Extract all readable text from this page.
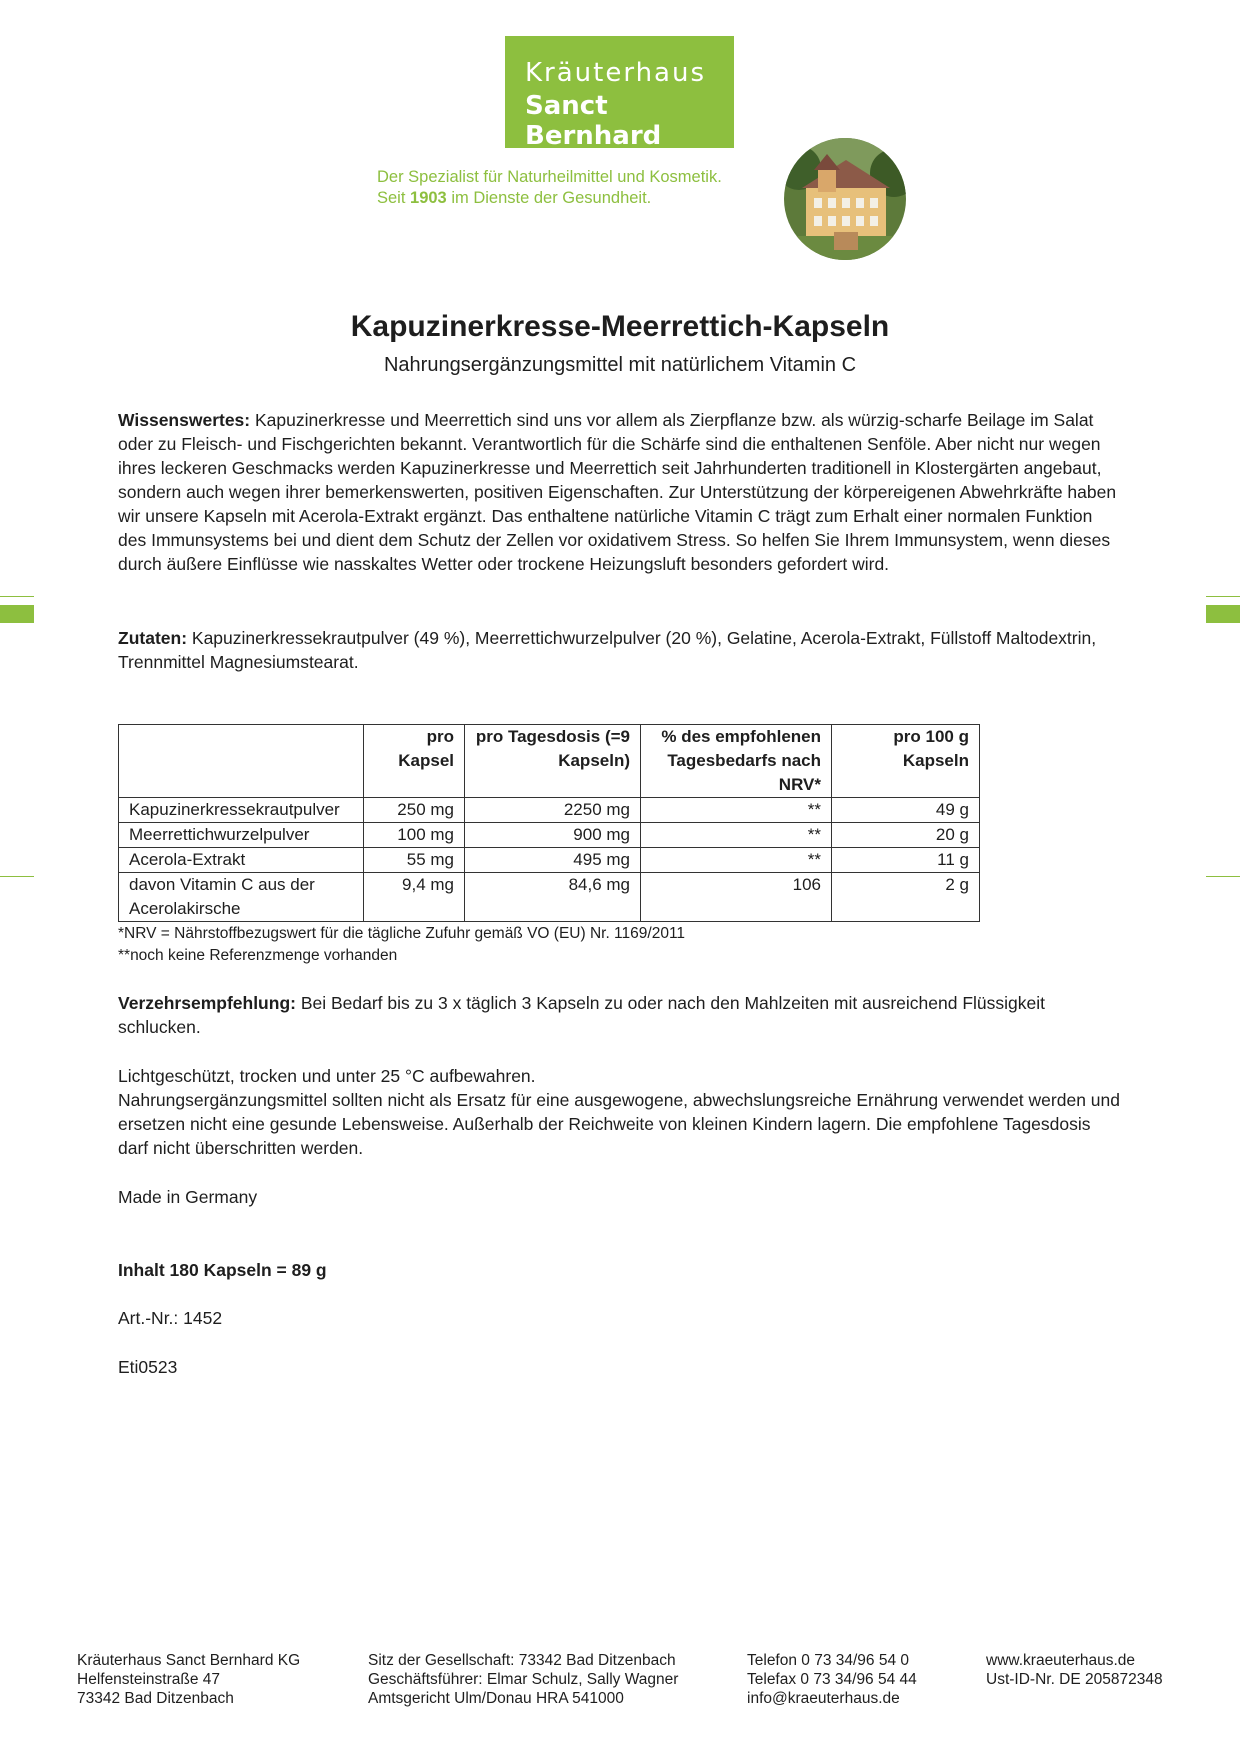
Kräuterhaus
Sanct Bernhard
Der Spezialist für Naturheilmittel und Kosmetik.
Seit 1903 im Dienste der Gesundheit.
Kapuzinerkresse-Meerrettich-Kapseln
Nahrungsergänzungsmittel mit natürlichem Vitamin C
Wissenswertes: Kapuzinerkresse und Meerrettich sind uns vor allem als Zierpflanze bzw. als würzig-scharfe Beilage im Salat oder zu Fleisch- und Fischgerichten bekannt. Verantwortlich für die Schärfe sind die enthaltenen Senföle. Aber nicht nur wegen ihres leckeren Geschmacks werden Kapuzinerkresse und Meerrettich seit Jahrhunderten traditionell in Klostergärten angebaut, sondern auch wegen ihrer bemerkenswerten, positiven Eigenschaften. Zur Unterstützung der körpereigenen Abwehrkräfte haben wir unsere Kapseln mit Acerola-Extrakt ergänzt. Das enthaltene natürliche Vitamin C trägt zum Erhalt einer normalen Funktion des Immunsystems bei und dient dem Schutz der Zellen vor oxidativem Stress. So helfen Sie Ihrem Immunsystem, wenn dieses durch äußere Einflüsse wie nasskaltes Wetter oder trockene Heizungsluft besonders gefordert wird.
Zutaten: Kapuzinerkressekrautpulver (49 %), Meerrettichwurzelpulver (20 %), Gelatine, Acerola-Extrakt, Füllstoff Maltodextrin, Trennmittel Magnesiumstearat.
	pro Kapsel	pro Tagesdosis (=9 Kapseln)	% des empfohlenen Tagesbedarfs nach NRV*	pro 100 g Kapseln
Kapuzinerkressekrautpulver	250 mg	2250 mg	**	49 g
Meerrettichwurzelpulver	100 mg	900 mg	**	20 g
Acerola-Extrakt	55 mg	495 mg	**	11 g
davon Vitamin C aus der Acerolakirsche	9,4 mg	84,6 mg	106	2 g
*NRV = Nährstoffbezugswert für die tägliche Zufuhr gemäß VO (EU) Nr. 1169/2011
**noch keine Referenzmenge vorhanden
Verzehrsempfehlung: Bei Bedarf bis zu 3 x täglich 3 Kapseln zu oder nach den Mahlzeiten mit ausreichend Flüssigkeit schlucken.
Lichtgeschützt, trocken und unter 25 °C aufbewahren.
Nahrungsergänzungsmittel sollten nicht als Ersatz für eine ausgewogene, abwechslungsreiche Ernährung verwendet werden und ersetzen nicht eine gesunde Lebensweise. Außerhalb der Reichweite von kleinen Kindern lagern. Die empfohlene Tagesdosis darf nicht überschritten werden.
Made in Germany
Inhalt 180 Kapseln = 89 g
Art.-Nr.: 1452
Eti0523
Kräuterhaus Sanct Bernhard KG
Helfensteinstraße 47
73342 Bad Ditzenbach
Sitz der Gesellschaft: 73342 Bad Ditzenbach
Geschäftsführer: Elmar Schulz, Sally Wagner
Amtsgericht Ulm/Donau HRA 541000
Telefon 0 73 34/96 54 0
Telefax 0 73 34/96 54 44
info@kraeuterhaus.de
www.kraeuterhaus.de
Ust-ID-Nr. DE 205872348
